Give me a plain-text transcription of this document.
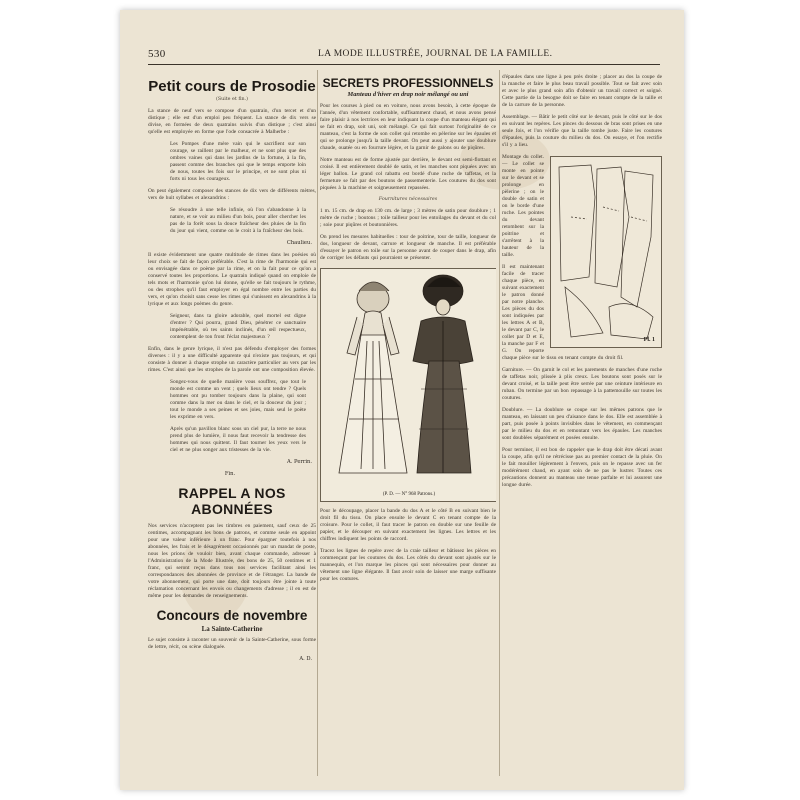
530	LA MODE ILLUSTRÉE, JOURNAL DE LA FAMILLE.
Petit cours de Prosodie
(Suite et fin.)

La stance de neuf vers se compose d'un quatrain, d'un tercet et d'un distique ; elle est d'un emploi peu fréquent. La stance de dix vers se divise, en formées de deux quatrains suivis d'un distique ; c'est ainsi qu'elle est employée en forme que l'ode consacrée à Malherbe :

Les Pompes d'une mère vain qui le sacrifient sur son courage, se raillent par le malheur, et ne sont plus que des ombres vaines qui dans les jardins de la fortune, à la fin, passent comme des branches qui que le temps emporte loin de nous, toutes les fois sur le principe, et ne sont plus ni forts ni tous les courageux.

On peut également composer des stances de dix vers de différents mètres, vers de huit syllabes et alexandrins :

Se résoudre à une telle infinie, où l'on s'abandonne à la nature, et se voir au milieu d'un bois, pour aller chercher les pas de la forêt sous la douce fraîcheur des pluies de la fin du jour qui vient, comme on le croit à la fraîcheur des bois.

Chaulieu.

Il existe évidemment une quatre multitude de rimes dans les poésies où leur choix se fait de façon préférable. C'est la rime de l'harmonie qui est ou envisagée dans ce poème par la rime, et on la fait pour ce qu'on a conservé toutes les proportions. Le quatrain indiqué quand on emploie de tels mots et l'harmonie qu'on lui donne, qu'elle se fait toujours le rythme, ou des strophes qu'il faut employer en égal nombre entre les parties du vers, et qu'on choisit sans cesse les rimes qui s'unissent en alexandrins à la lyrique et aux longs poèmes du genre.

Seigneur, dans ta gloire adorable, quel mortel est digne d'entrer ? Qui pourra, grand Dieu, pénétrer ce sanctuaire impénétrable, où tes saints inclinés, d'un œil respectueux, contemplent de ton front l'éclat majestueux ?

Enfin, dans le genre lyrique, il n'est pas défendu d'employer des formes diverses : il y a une difficulté apparente qui n'existe pas toujours, et qui consiste à donner à chaque strophe un caractère particulier au vers par les rimes. C'est ainsi que les strophes de la parole ont une composition élevée.

Songez-vous de quelle manière vous souffrez, que tout le monde est comme un vent ; quels lieux ont tendre ? Quels hommes ont pu tomber toujours dans la plaine, qui sont comme dans la mer ou dans le ciel, et la douceur du jour ; tout le monde a ses peines et ses joies, mais seul le poète les exprime en vers.

Après qu'un pavillon blanc sous un ciel pur, la terre ne nous prend plus de lumière, il nous faut recevoir la tendresse des hommes qui nous quittent. Il faut tourner les yeux vers le ciel et ne plus songer aux tristesses de la vie.

A. Perrin.
Fin.
RAPPEL A NOS ABONNÉES

Nos services n'acceptent pas les timbres en paiement, sauf ceux de 25 centimes, accompagnant les bons de patrons, et comme seule en appoint pour une valeur inférieure à un franc. Pour épargner toutefois à nos abonnées, les frais et le désagrément occasionnés par un mandat de poste, nous les prions de vouloir bien, avant chaque commande, adresser à l'Administration de la Mode Illustrée, des bons de 25, 50 centimes et 1 franc, qui seront reçus dans tous nos services facilitant ainsi les correspondances des abonnées de province et de l'étranger. La bande de votre abonnement, qui porte une date, doit toujours être jointe à toute réclamation concernant les envois ou changements d'adresse ; il en est de même pour les demandes de renseignements.

Concours de novembre
La Sainte-Catherine

Le sujet consiste à raconter un souvenir de la Sainte-Catherine, sous forme de lettre, récit, ou scène dialoguée.

A. D.
SECRETS PROFESSIONNELS
Manteau d'hiver en drap noir mélangé ou uni

Pour les courses à pied ou en voiture, nous avons besoin, à cette époque de l'année, d'un vêtement confortable, suffisamment chaud, et nous avons pensé faire plaisir à nos lectrices en leur indiquant la coupe d'un manteau élégant qui se fait en drap, soit uni, soit mélangé. Ce qui fait surtout l'originalité de ce manteau, c'est la forme de son collet qui retombe en pèlerine sur les épaules et qui se prolonge jusqu'à la taille devant. On peut aussi y ajouter une doublure chaude, ouatée ou en fourrure légère, et la garnir de galons ou de piqûres.

Notre manteau est de forme ajustée par derrière, le devant est semi-flottant et croisé. Il est entièrement doublé de satin, et les manches sont piquées avec un léger ballon. Le grand col rabattu est bordé d'une ruche de taffetas, et la fermeture se fait par des boutons de passementerie. Les coutures du dos sont piquées à la machine et soigneusement repassées.

Fournitures nécessaires

1 m. 15 cm. de drap en 130 cm. de large ; 3 mètres de satin pour doublure ; 1 mètre de ruche ; boutons ; toile tailleur pour les entoilages du devant et du col ; soie pour piqûres et boutonnières.

On prend les mesures habituelles : tour de poitrine, tour de taille, longueur de dos, longueur de devant, carrure et longueur de manche. Il est préférable d'essayer le patron en toile sur la personne avant de couper dans le drap, afin de corriger les défauts qui pourraient se présenter.

(P. D. — N° 968 Patrons.)

Pour le découpage, placer la bande du dos A et le côté B en suivant bien le droit fil du tissu. On place ensuite le devant C en tenant compte de la croisure. Pour le collet, il faut tracer le patron en double sur une feuille de papier, et le découper en suivant exactement les lignes. Les lettres et les chiffres indiquent les points de raccord.

Tracez les lignes de repère avec de la craie tailleur et bâtissez les pièces en commençant par les coutures du dos. Les côtés du devant sont ajustés sur le mannequin, et l'on marque les pinces qui sont nécessaires pour donner au vêtement une ligne élégante. Il faut avoir soin de laisser une marge suffisante pour les coutures.

d'épaules dans une ligne à peu près droite ; placer au dos la coupe de la manche et faire le plus beau travail possible. Tout se fait avec soin et avec le plus grand soin afin d'obtenir un travail correct et soigné. Cette partie de la besogne doit se faire en tenant compte de la taille et de la carrure de la personne.

Assemblage. — Bâtir le petit côté sur le devant, puis le côté sur le dos en suivant les repères. Les pinces du dessous de bras sont prises en une seule fois, et l'on vérifie que la taille tombe juste. Faire les coutures d'épaules, puis la couture du milieu du dos. On essaye, et l'on rectifie s'il y a lieu.

Pl. 1

Montage du collet. — Le collet se monte en pointe sur le devant et se prolonge en pèlerine ; on le double de satin et on le borde d'une ruche. Les pointes du devant retombent sur la poitrine et s'arrêtent à la hauteur de la taille.

Il est maintenant facile de tracer chaque pièce, en suivant exactement le patron donné par notre planche. Les pièces du dos sont indiquées par les lettres A et B, le devant par C, le collet par D et E, la manche par F et G. On reporte chaque pièce sur le tissu en tenant compte du droit fil.

Garniture. — On garnit le col et les parements de manches d'une ruche de taffetas noir, plissée à plis creux. Les boutons sont posés sur le devant croisé, et la taille peut être serrée par une ceinture intérieure en ruban. On termine par un bon repassage à la pattemouille sur toutes les coutures.

Doublure. — La doublure se coupe sur les mêmes patrons que le manteau, en laissant un peu d'aisance dans le dos. Elle est assemblée à part, puis posée à points invisibles dans le vêtement, en commençant par le milieu du dos et en remontant vers les épaules. Les manches sont doublées séparément et posées ensuite.

Pour terminer, il est bon de rappeler que le drap doit être décati avant la coupe, afin qu'il ne rétrécisse pas au premier contact de la pluie. On le fait mouiller légèrement à l'envers, puis on le repasse avec un fer modérément chaud, en ayant soin de ne pas le lustrer. Toutes ces précautions donnent au manteau une tenue parfaite et lui assurent une longue durée.
